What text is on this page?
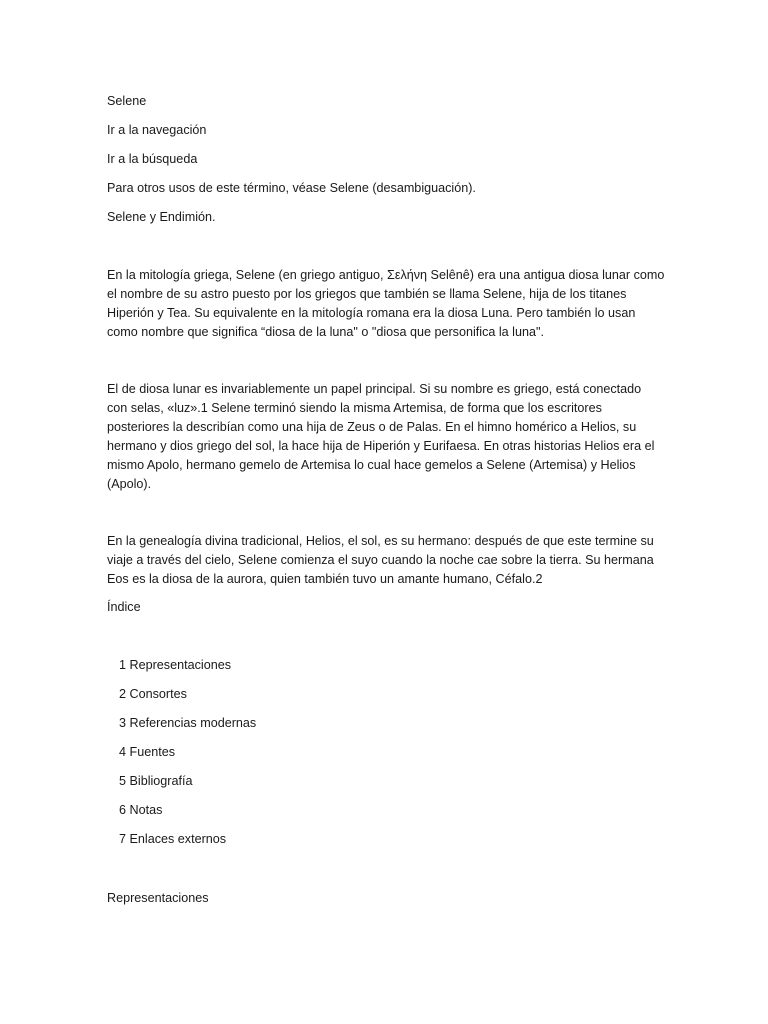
Selene

Ir a la navegación

Ir a la búsqueda

Para otros usos de este término, véase Selene (desambiguación).

Selene y Endimión.

En la mitología griega, Selene (en griego antiguo, Σελήνη Selênê) era una antigua diosa lunar como
el nombre de su astro puesto por los griegos que también se llama Selene, hija de los titanes
Hiperión y Tea. Su equivalente en la mitología romana era la diosa Luna. Pero también lo usan
como nombre que significa “diosa de la luna" o "diosa que personifica la luna".
El de diosa lunar es invariablemente un papel principal. Si su nombre es griego, está conectado
con selas, «luz».1 Selene terminó siendo la misma Artemisa, de forma que los escritores
posteriores la describían como una hija de Zeus o de Palas. En el himno homérico a Helios, su
hermano y dios griego del sol, la hace hija de Hiperión y Eurifaesa. En otras historias Helios era el
mismo Apolo, hermano gemelo de Artemisa lo cual hace gemelos a Selene (Artemisa) y Helios
(Apolo).
En la genealogía divina tradicional, Helios, el sol, es su hermano: después de que este termine su
viaje a través del cielo, Selene comienza el suyo cuando la noche cae sobre la tierra. Su hermana
Eos es la diosa de la aurora, quien también tuvo un amante humano, Céfalo.2

Índice

1 Representaciones

2 Consortes

3 Referencias modernas

4 Fuentes

5 Bibliografía

6 Notas

7 Enlaces externos

Representaciones
